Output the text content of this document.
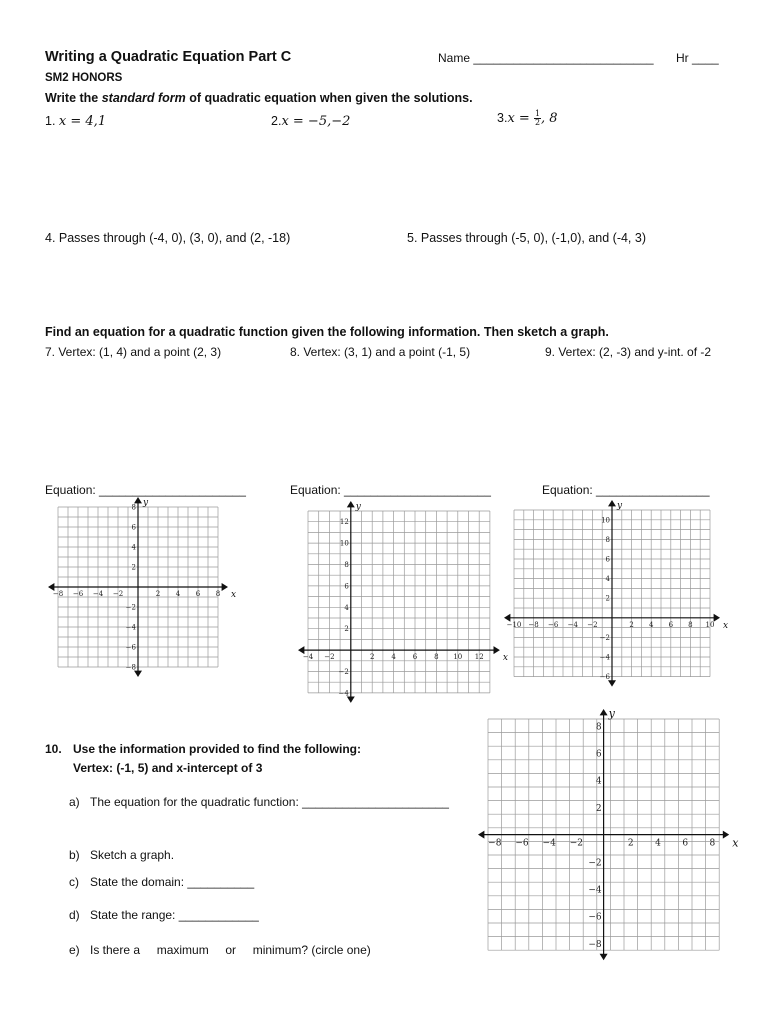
Writing a Quadratic Equation Part C	Name ___________________________ Hr ____
SM2 HONORS
Write the standard form of quadratic equation when given the solutions.
1. x = 4,1	2.x = −5,−2	$3.x = \frac{1}{2}$ , 8
4. Passes through (-4, 0), (3, 0), and (2, -18)	5. Passes through (-5, 0), (-1,0), and (-4, 3)
Find an equation for a quadratic function given the following information. Then sketch a graph.
7. Vertex: (1, 4) and a point (2, 3)	8. Vertex: (3, 1) and a point (-1, 5)	9. Vertex: (2, -3) and y-int. of -2
Equation: ______________________	Equation: ______________________	Equation: _________________
−8 −6 −4 −2	2 4 6 8
8
6
4
2
−2
−4
−6
−8
x
y
−4 −2	2 4 6 8 10 12
12
10
8
6
4
2
−2
−4
x
y
−10 −8 −6 −4 −2	2 4 6 8 10
10
8
6
4
2
−2
−4
−6
x
y
−8 −6 −4 −2	2 4 6 8
8
6
4
2
−2
−4
−6
−8
x
y
10. Use the information provided to find the following:
Vertex: (-1, 5) and x-intercept of 3
a) The equation for the quadratic function: ______________________
b) Sketch a graph.
c) State the domain: __________
d) State the range: ____________
e) Is there a     maximum     or     minimum? (circle one)
